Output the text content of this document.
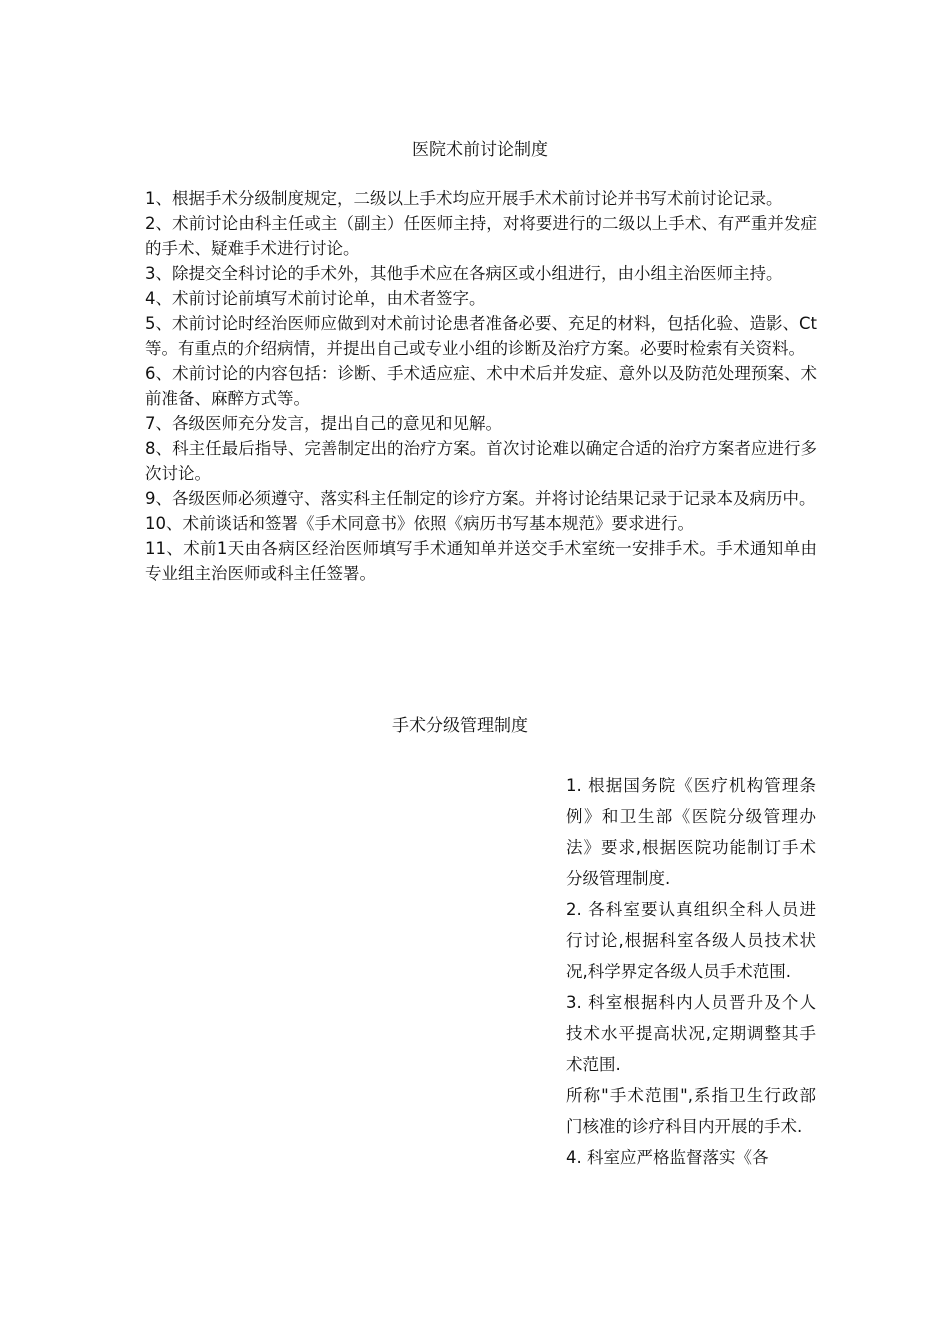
医院术前讨论制度

1、根据手术分级制度规定，二级以上手术均应开展手术术前讨论并书写术前讨论记录。

2、术前讨论由科主任或主（副主）任医师主持，对将要进行的二级以上手术、有严重并发症的手术、疑难手术进行讨论。

3、除提交全科讨论的手术外，其他手术应在各病区或小组进行，由小组主治医师主持。

4、术前讨论前填写术前讨论单，由术者签字。

5、术前讨论时经治医师应做到对术前讨论患者准备必要、充足的材料，包括化验、造影、Ct等。有重点的介绍病情，并提出自己或专业小组的诊断及治疗方案。必要时检索有关资料。

6、术前讨论的内容包括：诊断、手术适应症、术中术后并发症、意外以及防范处理预案、术前准备、麻醉方式等。

7、各级医师充分发言，提出自己的意见和见解。

8、科主任最后指导、完善制定出的治疗方案。首次讨论难以确定合适的治疗方案者应进行多次讨论。

9、各级医师必须遵守、落实科主任制定的诊疗方案。并将讨论结果记录于记录本及病历中。

10、术前谈话和签署《手术同意书》依照《病历书写基本规范》要求进行。

11、术前1天由各病区经治医师填写手术通知单并送交手术室统一安排手术。手术通知单由专业组主治医师或科主任签署。

手术分级管理制度

1. 根据国务院《医疗机构管理条例》和卫生部《医院分级管理办法》要求,根据医院功能制订手术分级管理制度.

2. 各科室要认真组织全科人员进行讨论,根据科室各级人员技术状况,科学界定各级人员手术范围.

3. 科室根据科内人员晋升及个人技术水平提高状况,定期调整其手术范围.

所称"手术范围",系指卫生行政部门核准的诊疗科目内开展的手术.

4. 科室应严格监督落实《各
